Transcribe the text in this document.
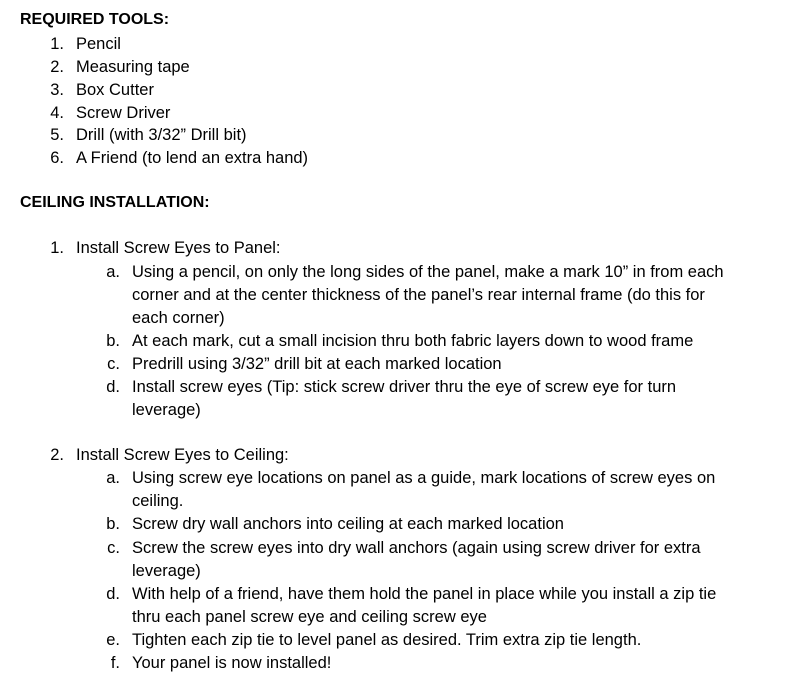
REQUIRED TOOLS:
1. Pencil
2. Measuring tape
3. Box Cutter
4. Screw Driver
5. Drill (with 3/32” Drill bit)
6. A Friend (to lend an extra hand)
CEILING INSTALLATION:
1. Install Screw Eyes to Panel:
a. Using a pencil, on only the long sides of the panel, make a mark 10” in from each
corner and at the center thickness of the panel’s rear internal frame (do this for
each corner)
b. At each mark, cut a small incision thru both fabric layers down to wood frame
c. Predrill using 3/32” drill bit at each marked location
d. Install screw eyes (Tip: stick screw driver thru the eye of screw eye for turn
leverage)
2. Install Screw Eyes to Ceiling:
a. Using screw eye locations on panel as a guide, mark locations of screw eyes on
ceiling.
b. Screw dry wall anchors into ceiling at each marked location
c. Screw the screw eyes into dry wall anchors (again using screw driver for extra
leverage)
d. With help of a friend, have them hold the panel in place while you install a zip tie
thru each panel screw eye and ceiling screw eye
e. Tighten each zip tie to level panel as desired. Trim extra zip tie length.
f. Your panel is now installed!
